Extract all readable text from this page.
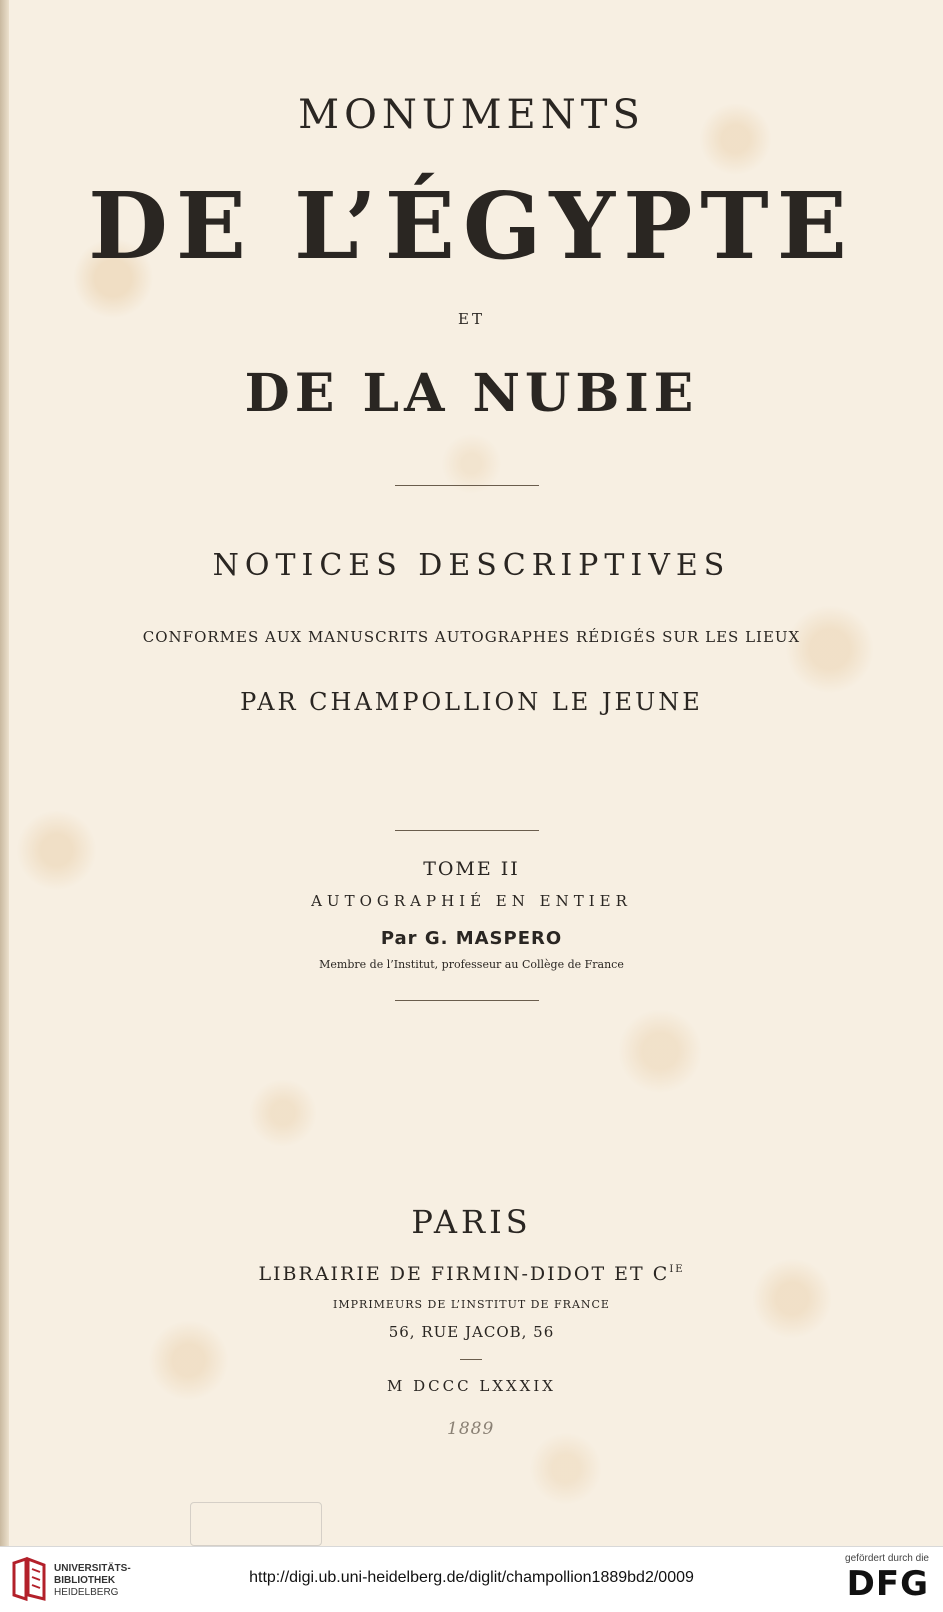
MONUMENTS

DE L’ÉGYPTE

ET

DE LA NUBIE

NOTICES DESCRIPTIVES

CONFORMES AUX MANUSCRITS AUTOGRAPHES RÉDIGÉS SUR LES LIEUX

PAR CHAMPOLLION LE JEUNE

TOME II

AUTOGRAPHIÉ EN ENTIER

Par G. MASPERO

Membre de l’Institut, professeur au Collège de France

PARIS

LIBRAIRIE DE FIRMIN-DIDOT ET $C^{IE}$

IMPRIMEURS DE L’INSTITUT DE FRANCE

56, RUE JACOB, 56

M DCCC LXXXIX

1889
UNIVERSITÄTS-
BIBLIOTHEK
HEIDELBERG
http://digi.ub.uni-heidelberg.de/diglit/champollion1889bd2/0009
gefördert durch die
DFG
